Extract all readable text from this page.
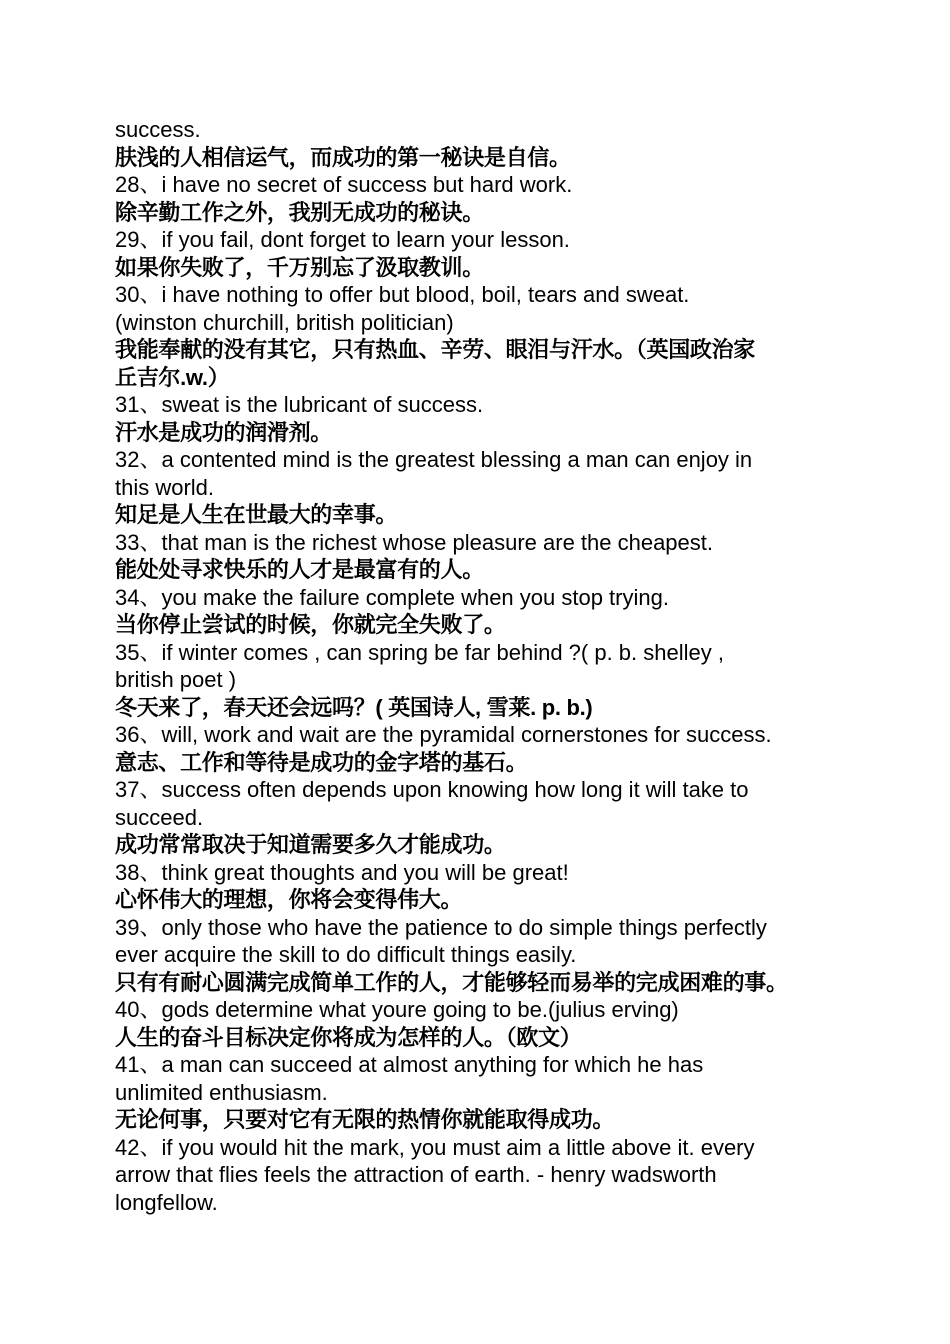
success.
肤浅的人相信运气，而成功的第一秘诀是自信。
28、i have no secret of success but hard work.
除辛勤工作之外，我别无成功的秘诀。
29、if you fail, dont forget to learn your lesson.
如果你失败了，千万别忘了汲取教训。
30、i have nothing to offer but blood, boil, tears and sweat.
(winston churchill, british politician)
我能奉献的没有其它，只有热血、辛劳、眼泪与汗水。（英国政治家
丘吉尔.w.）
31、sweat is the lubricant of success.
汗水是成功的润滑剂。
32、a contented mind is the greatest blessing a man can enjoy in
this world.
知足是人生在世最大的幸事。
33、that man is the richest whose pleasure are the cheapest.
能处处寻求快乐的人才是最富有的人。
34、you make the failure complete when you stop trying.
当你停止尝试的时候，你就完全失败了。
35、if winter comes , can spring be far behind ?( p. b. shelley ,
british poet )
冬天来了，春天还会远吗？( 英国诗人, 雪莱. p. b.)
36、will, work and wait are the pyramidal cornerstones for success.
意志、工作和等待是成功的金字塔的基石。
37、success often depends upon knowing how long it will take to
succeed.
成功常常取决于知道需要多久才能成功。
38、think great thoughts and you will be great!
心怀伟大的理想，你将会变得伟大。
39、only those who have the patience to do simple things perfectly
ever acquire the skill to do difficult things easily.
只有有耐心圆满完成简单工作的人，才能够轻而易举的完成困难的事。
40、gods determine what youre going to be.(julius erving)
人生的奋斗目标决定你将成为怎样的人。（欧文）
41、a man can succeed at almost anything for which he has
unlimited enthusiasm.
无论何事，只要对它有无限的热情你就能取得成功。
42、if you would hit the mark, you must aim a little above it. every
arrow that flies feels the attraction of earth. - henry wadsworth
longfellow.
